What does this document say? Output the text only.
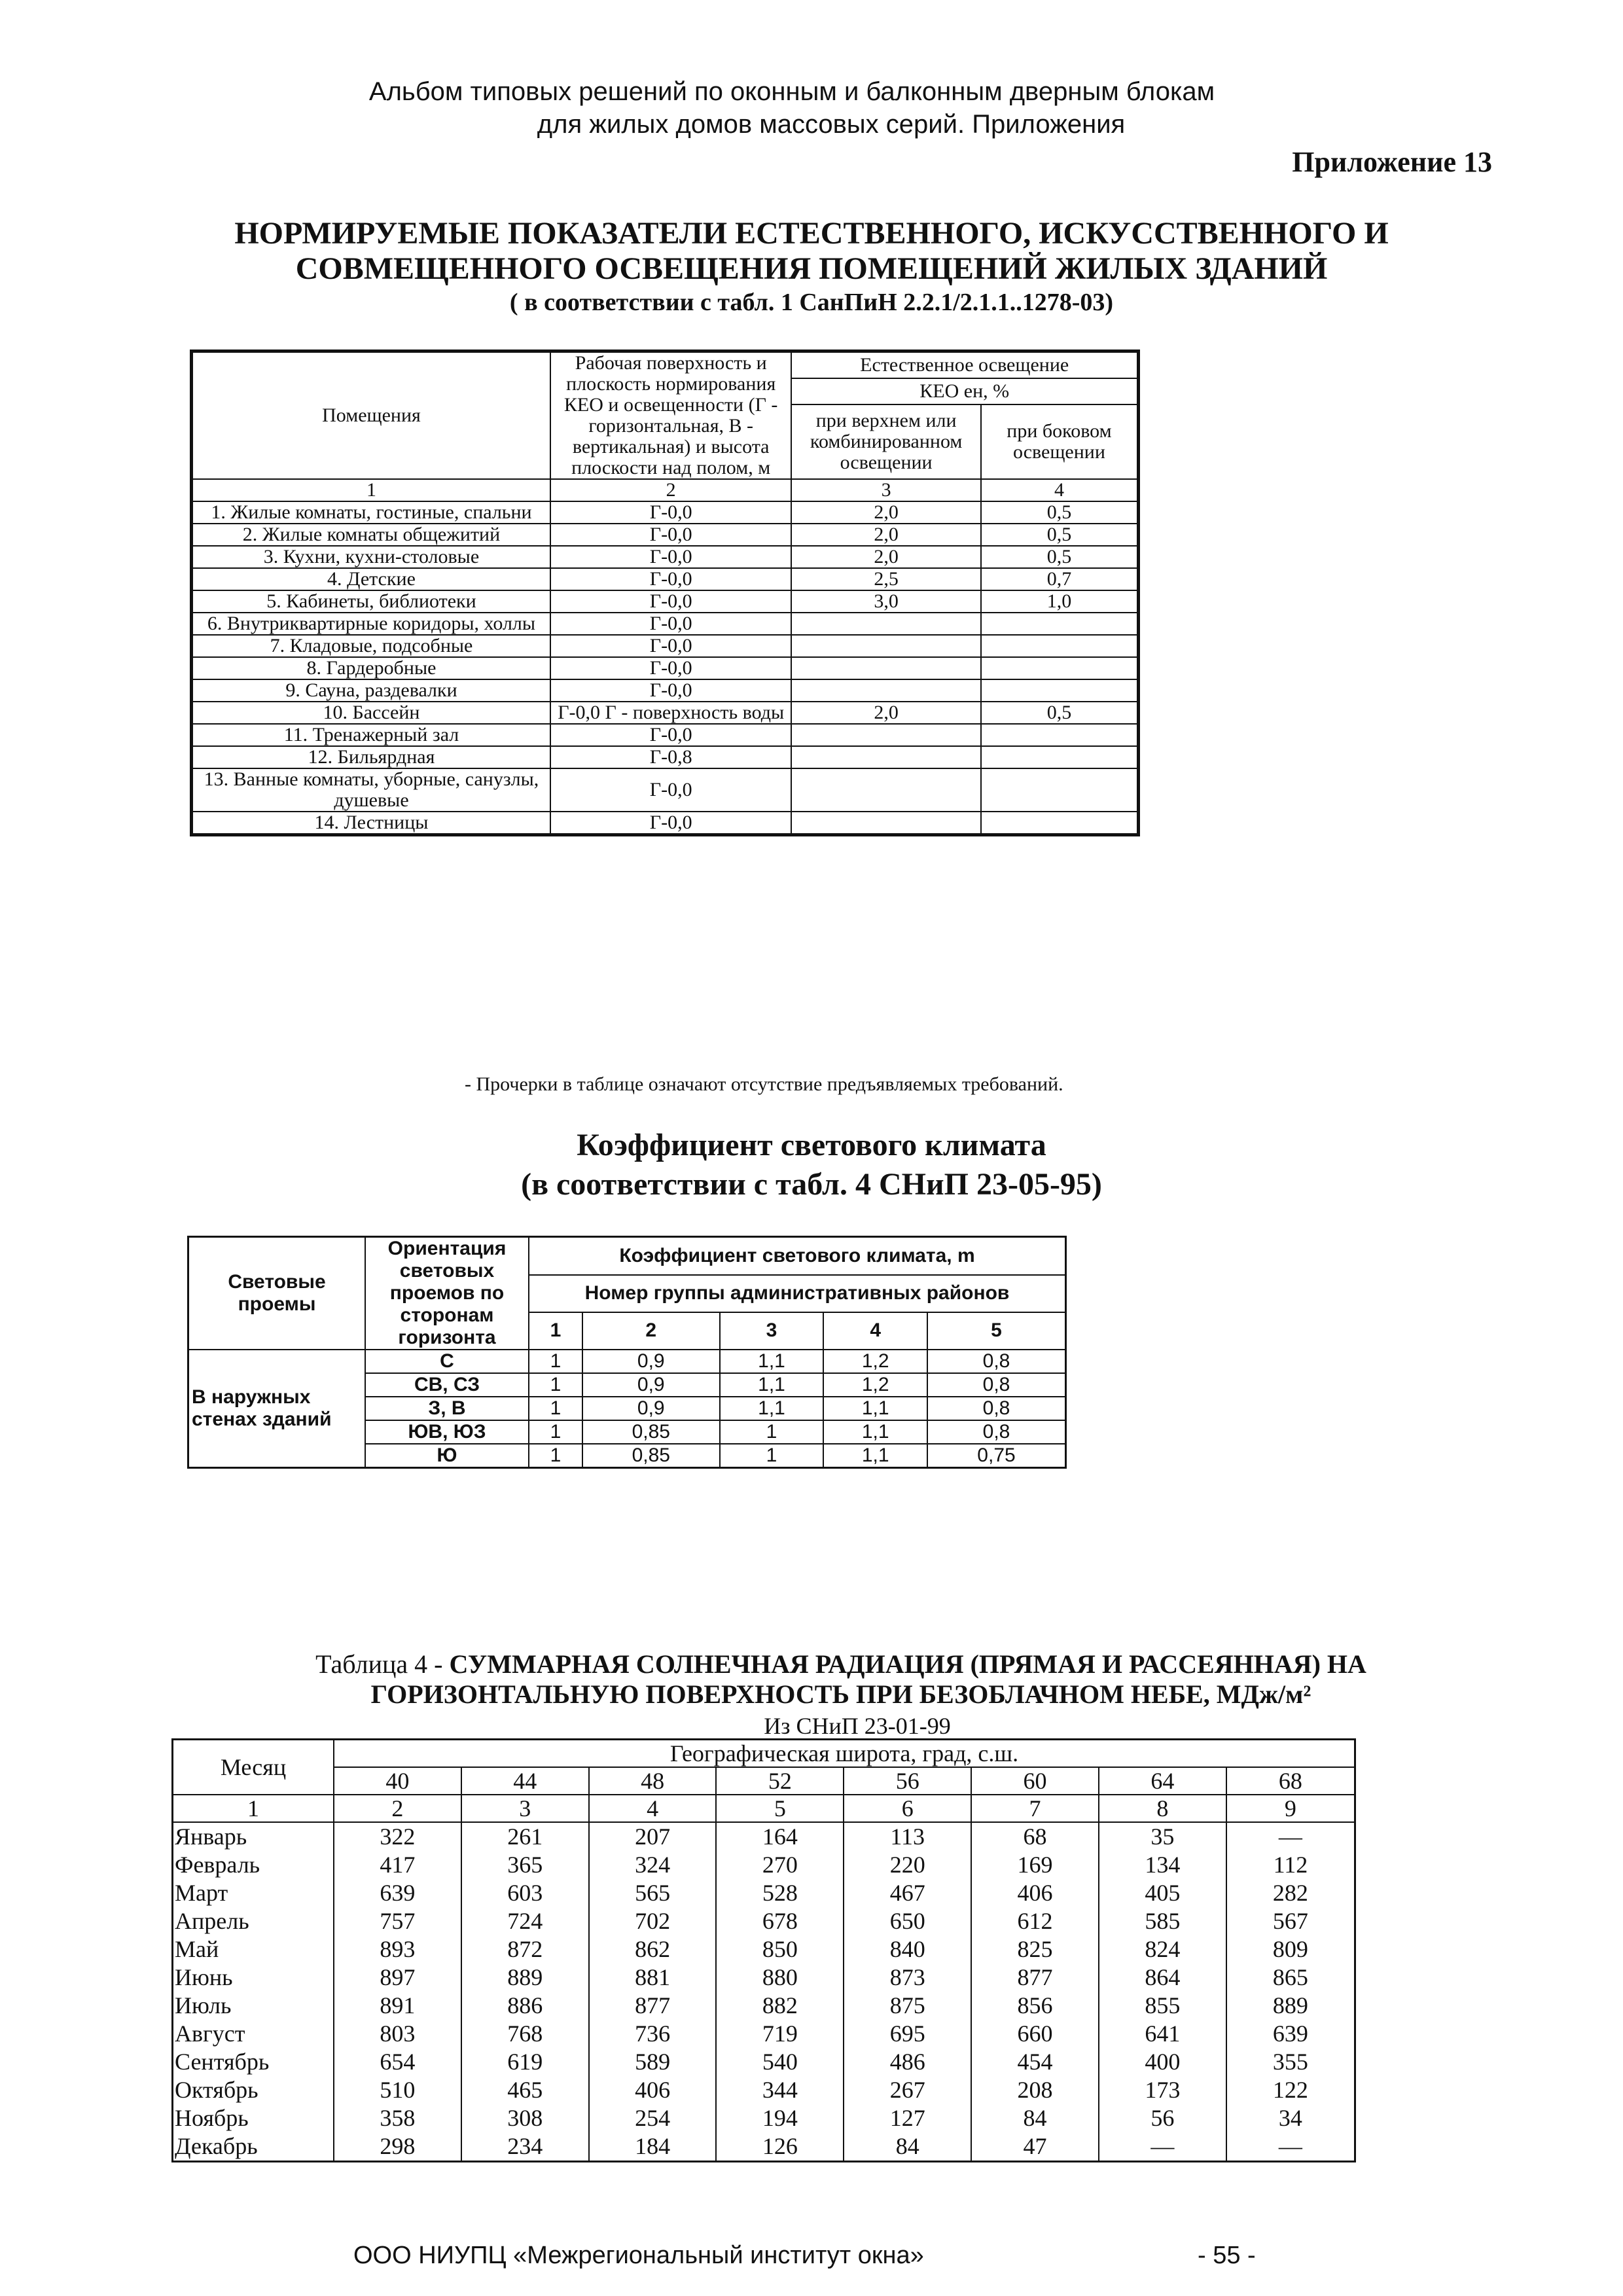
Альбом типовых решений по оконным и балконным дверным блокам
для жилых домов массовых серий. Приложения
Приложение 13
НОРМИРУЕМЫЕ ПОКАЗАТЕЛИ ЕСТЕСТВЕННОГО, ИСКУССТВЕННОГО И СОВМЕЩЕННОГО ОСВЕЩЕНИЯ ПОМЕЩЕНИЙ ЖИЛЫХ ЗДАНИЙ
( в соответствии с табл. 1 СанПиН 2.2.1/2.1.1..1278-03)
Помещения	Рабочая поверхность и плоскость нормирования КЕО и освещенности (Г - горизонтальная, В - вертикальная) и высота плоскости над полом, м	Естественное освещение	
		КЕО eн, %	
		при верхнем или комбинированном освещении	при боковом освещении
1	2	3	4
1. Жилые комнаты, гостиные, спальни	Г-0,0	2,0	0,5
2. Жилые комнаты общежитий	Г-0,0	2,0	0,5
3. Кухни, кухни-столовые	Г-0,0	2,0	0,5
4. Детские	Г-0,0	2,5	0,7
5. Кабинеты, библиотеки	Г-0,0	3,0	1,0
6. Внутриквартирные коридоры, холлы	Г-0,0		
7. Кладовые, подсобные	Г-0,0		
8. Гардеробные	Г-0,0		
9. Сауна, раздевалки	Г-0,0		
10. Бассейн	Г-0,0 Г - поверхность воды	2,0	0,5
11. Тренажерный зал	Г-0,0		
12. Бильярдная	Г-0,8		
13. Ванные комнаты, уборные, санузлы, душевые	Г-0,0		
14. Лестницы	Г-0,0		
- Прочерки в таблице означают отсутствие предъявляемых требований.
Коэффициент светового климата
(в соответствии с табл. 4 СНиП 23-05-95)
Световые проемы	Ориентация световых проемов по сторонам горизонта	Коэффициент светового климата, m				
		Номер группы административных районов				
		1	2	3	4	5
В наружных стенах зданий	С	1	0,9	1,1	1,2	0,8
	СВ, СЗ	1	0,9	1,1	1,2	0,8
	З, В	1	0,9	1,1	1,1	0,8
	ЮВ, ЮЗ	1	0,85	1	1,1	0,8
	Ю	1	0,85	1	1,1	0,75
Таблица 4 - СУММАРНАЯ СОЛНЕЧНАЯ РАДИАЦИЯ (ПРЯМАЯ И РАССЕЯННАЯ) НА ГОРИЗОНТАЛЬНУЮ ПОВЕРХНОСТЬ ПРИ БЕЗОБЛАЧНОМ НЕБЕ, МДж/м²
Из СНиП 23-01-99
Месяц	Географическая широта, град, с.ш.							
	40	44	48	52	56	60	64	68
1	2	3	4	5	6	7	8	9
Январь	322	261	207	164	113	68	35	—
Февраль	417	365	324	270	220	169	134	112
Март	639	603	565	528	467	406	405	282
Апрель	757	724	702	678	650	612	585	567
Май	893	872	862	850	840	825	824	809
Июнь	897	889	881	880	873	877	864	865
Июль	891	886	877	882	875	856	855	889
Август	803	768	736	719	695	660	641	639
Сентябрь	654	619	589	540	486	454	400	355
Октябрь	510	465	406	344	267	208	173	122
Ноябрь	358	308	254	194	127	84	56	34
Декабрь	298	234	184	126	84	47	—	—
ООО НИУПЦ «Межрегиональный институт окна»	- 55 -
